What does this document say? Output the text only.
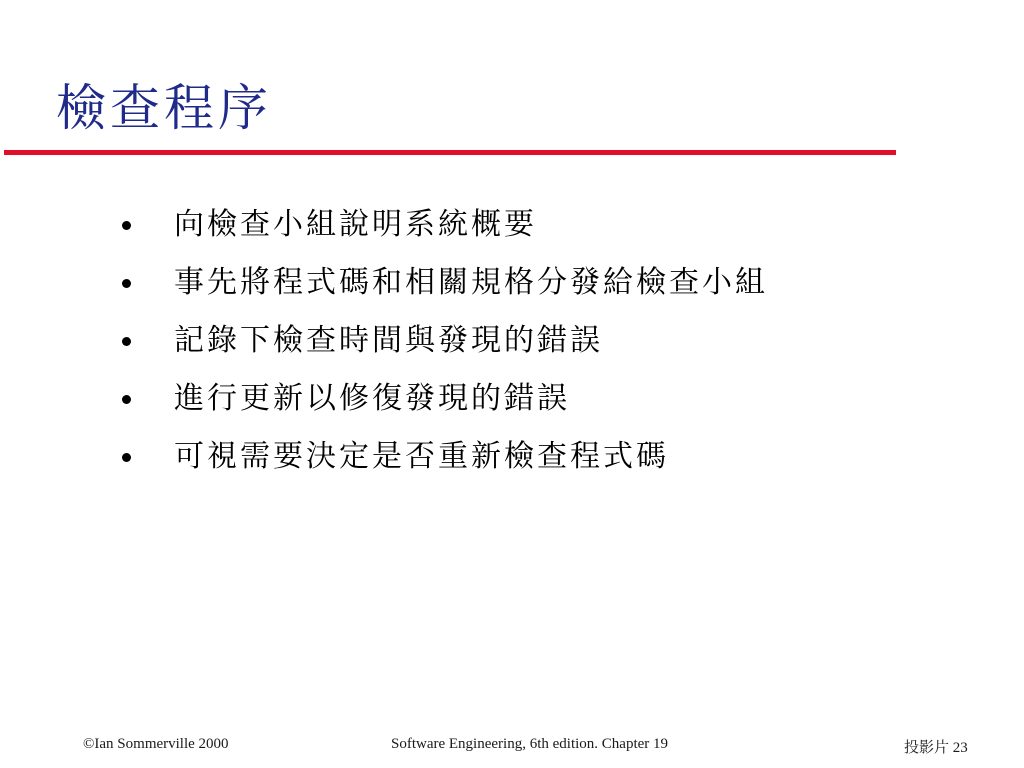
檢查程序
向檢查小組說明系統概要
事先將程式碼和相關規格分發給檢查小組
記錄下檢查時間與發現的錯誤
進行更新以修復發現的錯誤
可視需要決定是否重新檢查程式碼
©Ian Sommerville 2000	Software Engineering, 6th edition. Chapter 19	投影片 23
